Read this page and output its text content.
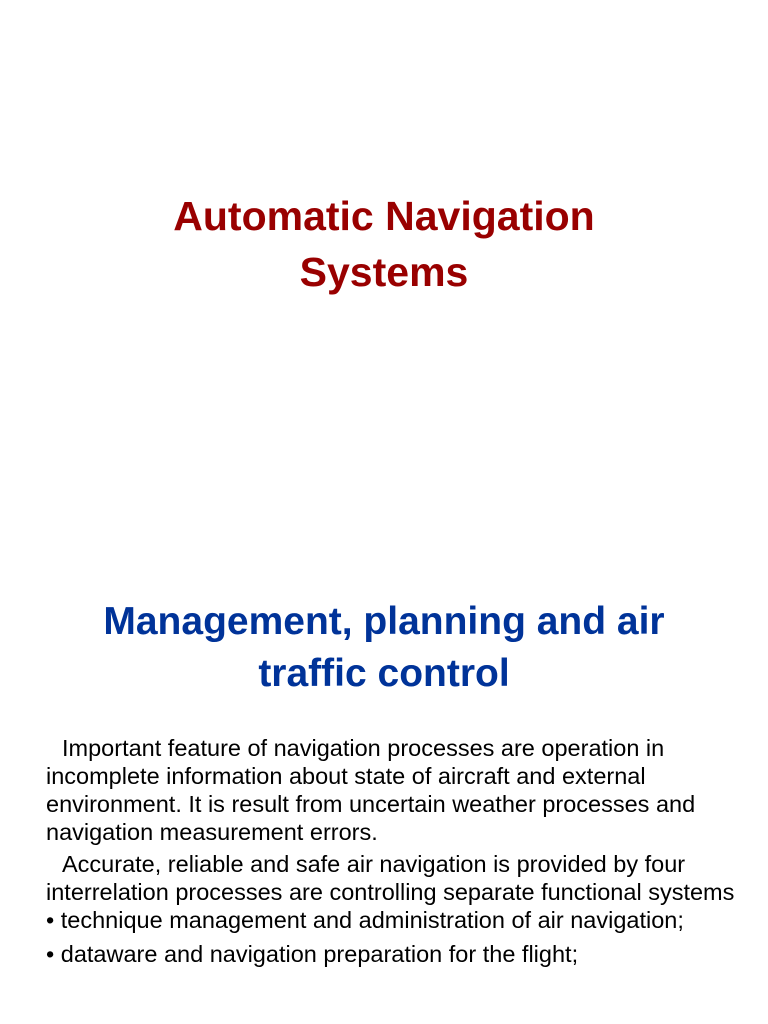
Automatic Navigation
Systems
Management, planning and air
traffic control

Important feature of navigation processes are operation in incomplete information about state of aircraft and external environment. It is result from uncertain weather processes and navigation measurement errors.

Accurate, reliable and safe air navigation is provided by four interrelation processes are controlling separate functional systems

• technique management and administration of air navigation;

• dataware and navigation preparation for the flight;
